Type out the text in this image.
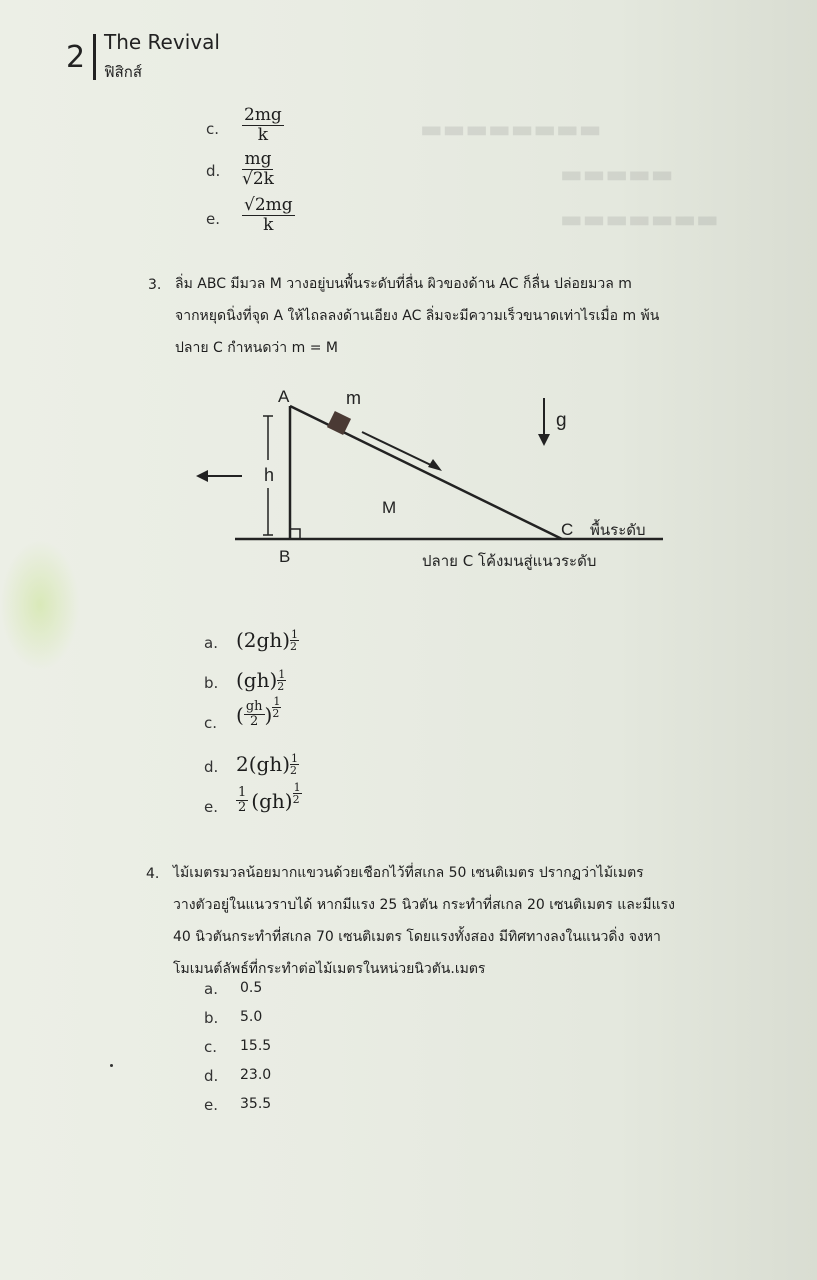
2 The Revival
ฟิสิกส์
▬▬▬▬▬▬▬▬
▬▬▬▬▬
▬▬▬▬▬▬▬
c. $\frac{2mg}{k}$
d. $\frac{mg}{√2k}$
e. $\frac{√2mg}{k}$
3. ลิ่ม ABC มีมวล M วางอยู่บนพื้นระดับที่ลื่น ผิวของด้าน AC ก็ลื่น ปล่อยมวล m
จากหยุดนิ่งที่จุด A ให้ไถลลงด้านเอียง AC ลิ่มจะมีความเร็วขนาดเท่าไรเมื่อ m พ้น
ปลาย C กำหนดว่า m = M
A
B
C
h
m
M
g
พื้นระดับ
ปลาย C โค้งมนสู่แนวระดับ
a. $(2gh) \frac{1}{2}$
b. $(gh) \frac{1}{2}$
c. ( $\frac{gh}{2}$ ) $\frac{1}{2}$
d. $2(gh) \frac{1}{2}$
e. $\frac{1}{2} (gh) \frac{1}{2}$
4. ไม้เมตรมวลน้อยมากแขวนด้วยเชือกไว้ที่สเกล 50 เซนติเมตร ปรากฏว่าไม้เมตร
วางตัวอยู่ในแนวราบได้ หากมีแรง 25 นิวตัน กระทำที่สเกล 20 เซนติเมตร และมีแรง
40 นิวตันกระทำที่สเกล 70 เซนติเมตร โดยแรงทั้งสอง มีทิศทางลงในแนวดิ่ง จงหา
โมเมนต์ลัพธ์ที่กระทำต่อไม้เมตรในหน่วยนิวตัน.เมตร
a. 0.5
b. 5.0
c. 15.5
d. 23.0
e. 35.5
